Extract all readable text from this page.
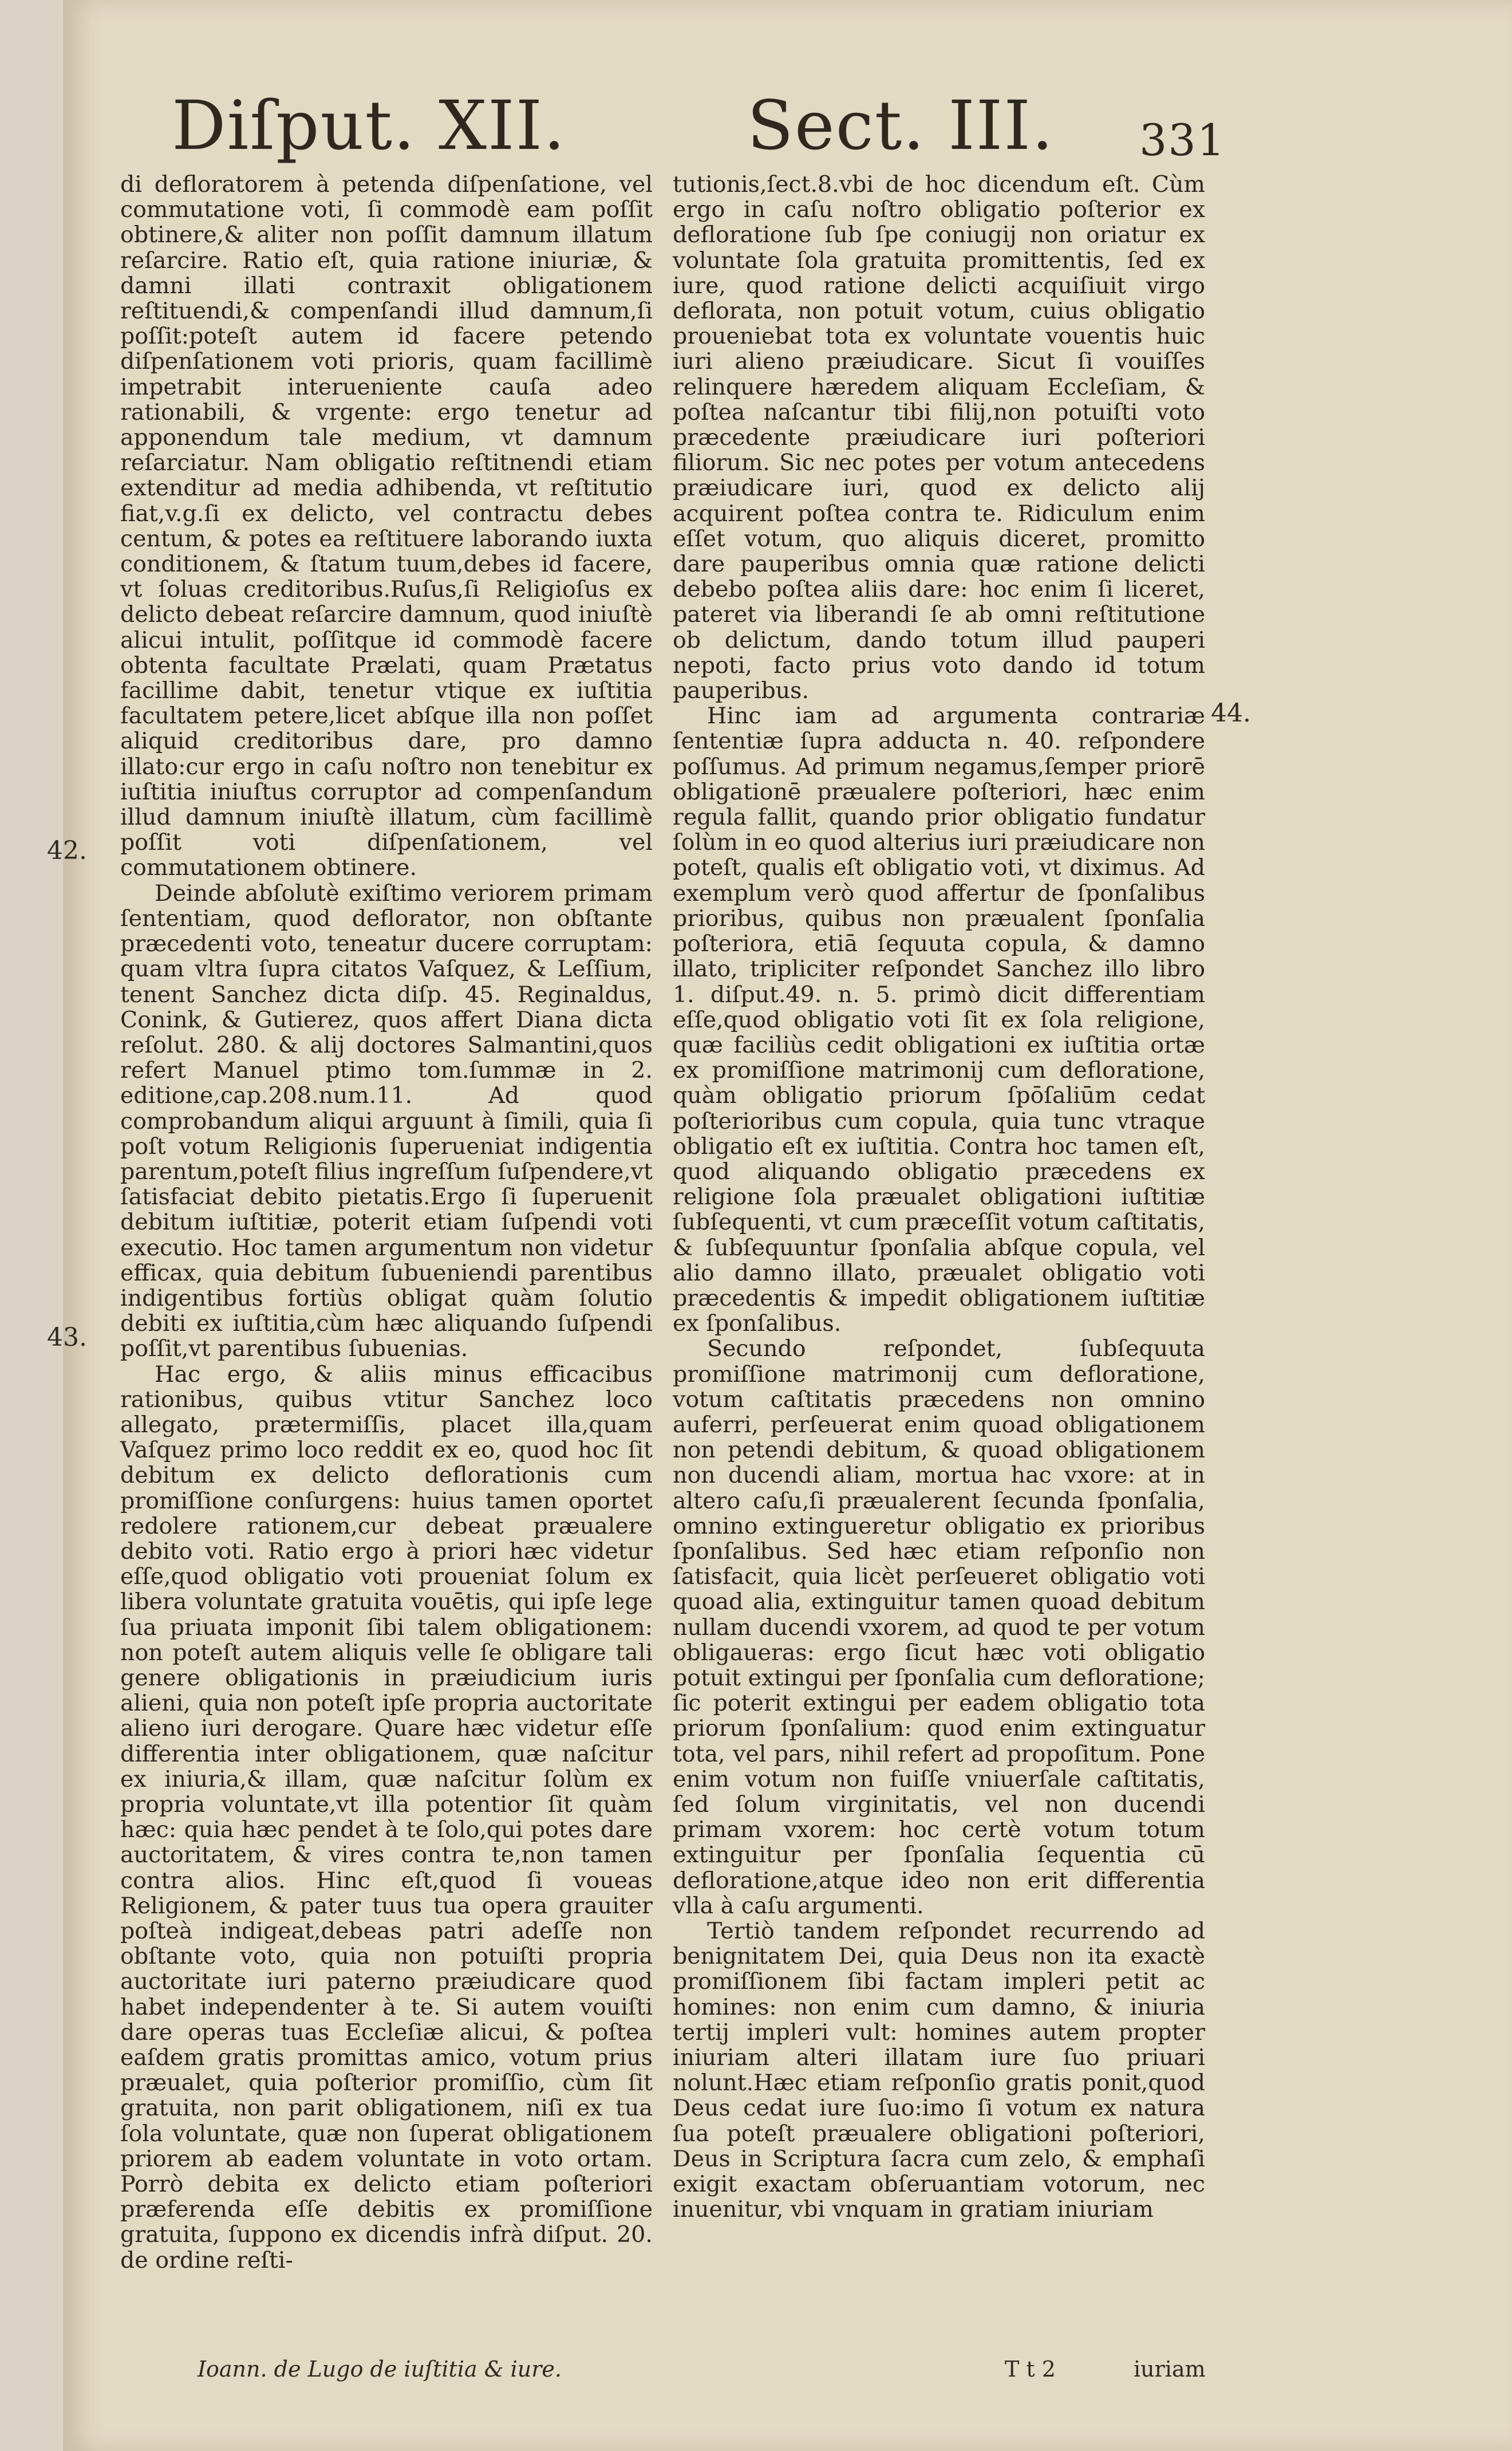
Diſput. XII.	Sect. III. 331

di defloratorem à petenda diſpenſatione, vel commutatione voti, ſi commodè eam poſſit obtinere,& aliter non poſſit damnum illatum reſarcire. Ratio eſt, quia ratione iniuriæ, & damni illati contraxit obligationem reſtituendi,& compenſandi illud damnum,ſi poſſit:poteſt autem id facere petendo diſpenſationem voti prioris, quam facillimè impetrabit interueniente cauſa adeo rationabili, & vrgente: ergo tenetur ad apponendum tale medium, vt damnum reſarciatur. Nam obligatio reſtitnendi etiam extenditur ad media adhibenda, vt reſtitutio fiat,v.g.ſi ex delicto, vel contractu debes centum, & potes ea reſtituere laborando iuxta conditionem, & ſtatum tuum,debes id facere, vt ſoluas creditoribus.Ruſus,ſi Religioſus ex delicto debeat reſarcire damnum, quod iniuſtè alicui intulit, poſſitque id commodè facere obtenta facultate Prælati, quam Prætatus facillime dabit, tenetur vtique ex iuſtitia facultatem petere,licet abſque illa non poſſet aliquid creditoribus dare, pro damno illato:cur ergo in caſu noſtro non tenebitur ex iuſtitia iniuſtus corruptor ad compenſandum illud damnum iniuſtè illatum, cùm facillimè poſſit voti diſpenſationem, vel commutationem obtinere.

Deinde abſolutè exiſtimo veriorem primam ſententiam, quod deflorator, non obſtante præcedenti voto, teneatur ducere corruptam: quam vltra ſupra citatos Vaſquez, & Leſſium, tenent Sanchez dicta diſp. 45. Reginaldus, Conink, & Gutierez, quos affert Diana dicta reſolut. 280. & alij doctores Salmantini,quos refert Manuel ptimo tom.ſummæ in 2. editione,cap.208.num.11. Ad quod comprobandum aliqui arguunt à ſimili, quia ſi poſt votum Religionis ſuperueniat indigentia parentum,poteſt filius ingreſſum ſuſpendere,vt ſatisfaciat debito pietatis.Ergo ſi ſuperuenit debitum iuſtitiæ, poterit etiam ſuſpendi voti executio. Hoc tamen argumentum non videtur efficax, quia debitum ſubueniendi parentibus indigentibus fortiùs obligat quàm ſolutio debiti ex iuſtitia,cùm hæc aliquando ſuſpendi poſſit,vt parentibus ſubuenias.

Hac ergo, & aliis minus efficacibus rationibus, quibus vtitur Sanchez loco allegato, prætermiſſis, placet illa,quam Vaſquez primo loco reddit ex eo, quod hoc ſit debitum ex delicto deflorationis cum promiſſione conſurgens: huius tamen oportet redolere rationem,cur debeat præualere debito voti. Ratio ergo à priori hæc videtur eſſe,quod obligatio voti proueniat ſolum ex libera voluntate gratuita vouētis, qui ipſe lege ſua priuata imponit ſibi talem obligationem: non poteſt autem aliquis velle ſe obligare tali genere obligationis in præiudicium iuris alieni, quia non poteſt ipſe propria auctoritate alieno iuri derogare. Quare hæc videtur eſſe differentia inter obligationem, quæ naſcitur ex iniuria,& illam, quæ naſcitur ſolùm ex propria voluntate,vt illa potentior ſit quàm hæc: quia hæc pendet à te ſolo,qui potes dare auctoritatem, & vires contra te,non tamen contra alios. Hinc eſt,quod ſi voueas Religionem, & pater tuus tua opera grauiter poſteà indigeat,debeas patri adeſſe non obſtante voto, quia non potuiſti propria auctoritate iuri paterno præiudicare quod habet independenter à te. Si autem vouiſti dare operas tuas Eccleſiæ alicui, & poſtea eaſdem gratis promittas amico, votum prius præualet, quia poſterior promiſſio, cùm ſit gratuita, non parit obligationem, niſi ex tua ſola voluntate, quæ non ſuperat obligationem priorem ab eadem voluntate in voto ortam. Porrò debita ex delicto etiam poſteriori præferenda eſſe debitis ex promiſſione gratuita, ſuppono ex dicendis infrà diſput. 20. de ordine reſti-

tutionis,ſect.8.vbi de hoc dicendum eſt. Cùm ergo in caſu noſtro obligatio poſterior ex defloratione ſub ſpe coniugij non oriatur ex voluntate ſola gratuita promittentis, ſed ex iure, quod ratione delicti acquiſiuit virgo deflorata, non potuit votum, cuius obligatio proueniebat tota ex voluntate vouentis huic iuri alieno præiudicare. Sicut ſi vouiſſes relinquere hæredem aliquam Eccleſiam, & poſtea naſcantur tibi filij,non potuiſti voto præcedente præiudicare iuri poſteriori filiorum. Sic nec potes per votum antecedens præiudicare iuri, quod ex delicto alij acquirent poſtea contra te. Ridiculum enim eſſet votum, quo aliquis diceret, promitto dare pauperibus omnia quæ ratione delicti debebo poſtea aliis dare: hoc enim ſi liceret, pateret via liberandi ſe ab omni reſtitutione ob delictum, dando totum illud pauperi nepoti, facto prius voto dando id totum pauperibus.

Hinc iam ad argumenta contrariæ ſententiæ ſupra adducta n. 40. reſpondere poſſumus. Ad primum negamus,ſemper priorē obligationē præualere poſteriori, hæc enim regula fallit, quando prior obligatio fundatur ſolùm in eo quod alterius iuri præiudicare non poteſt, qualis eſt obligatio voti, vt diximus. Ad exemplum verò quod affertur de ſponſalibus prioribus, quibus non præualent ſponſalia poſteriora, etiā ſequuta copula, & damno illato, tripliciter reſpondet Sanchez illo libro 1. diſput.49. n. 5. primò dicit differentiam eſſe,quod obligatio voti ſit ex ſola religione, quæ faciliùs cedit obligationi ex iuſtitia ortæ ex promiſſione matrimonij cum defloratione, quàm obligatio priorum ſpōſaliūm cedat poſterioribus cum copula, quia tunc vtraque obligatio eſt ex iuſtitia. Contra hoc tamen eſt, quod aliquando obligatio præcedens ex religione ſola præualet obligationi iuſtitiæ ſubſequenti, vt cum præceſſit votum caſtitatis, & ſubſequuntur ſponſalia abſque copula, vel alio damno illato, præualet obligatio voti præcedentis & impedit obligationem iuſtitiæ ex ſponſalibus.

Secundo reſpondet, ſubſequuta promiſſione matrimonij cum defloratione, votum caſtitatis præcedens non omnino auferri, perſeuerat enim quoad obligationem non petendi debitum, & quoad obligationem non ducendi aliam, mortua hac vxore: at in altero caſu,ſi præualerent ſecunda ſponſalia, omnino extingueretur obligatio ex prioribus ſponſalibus. Sed hæc etiam reſponſio non ſatisfacit, quia licèt perſeueret obligatio voti quoad alia, extinguitur tamen quoad debitum nullam ducendi vxorem, ad quod te per votum obligaueras: ergo ſicut hæc voti obligatio potuit extingui per ſponſalia cum defloratione; ſic poterit extingui per eadem obligatio tota priorum ſponſalium: quod enim extinguatur tota, vel pars, nihil refert ad propoſitum. Pone enim votum non fuiſſe vniuerſale caſtitatis, ſed ſolum virginitatis, vel non ducendi primam vxorem: hoc certè votum totum extinguitur per ſponſalia ſequentia cū defloratione,atque ideo non erit differentia vlla à caſu argumenti.

Tertiò tandem reſpondet recurrendo ad benignitatem Dei, quia Deus non ita exactè promiſſionem ſibi factam impleri petit ac homines: non enim cum damno, & iniuria tertij impleri vult: homines autem propter iniuriam alteri illatam iure ſuo priuari nolunt.Hæc etiam reſponſio gratis ponit,quod Deus cedat iure ſuo:imo ſi votum ex natura ſua poteſt præualere obligationi poſteriori, Deus in Scriptura ſacra cum zelo, & emphaſi exigit exactam obſeruantiam votorum, nec inuenitur, vbi vnquam in gratiam iniuriam

42.
43.
44.
Ioann. de Lugo de iuſtitia & iure.	T t 2	iuriam
